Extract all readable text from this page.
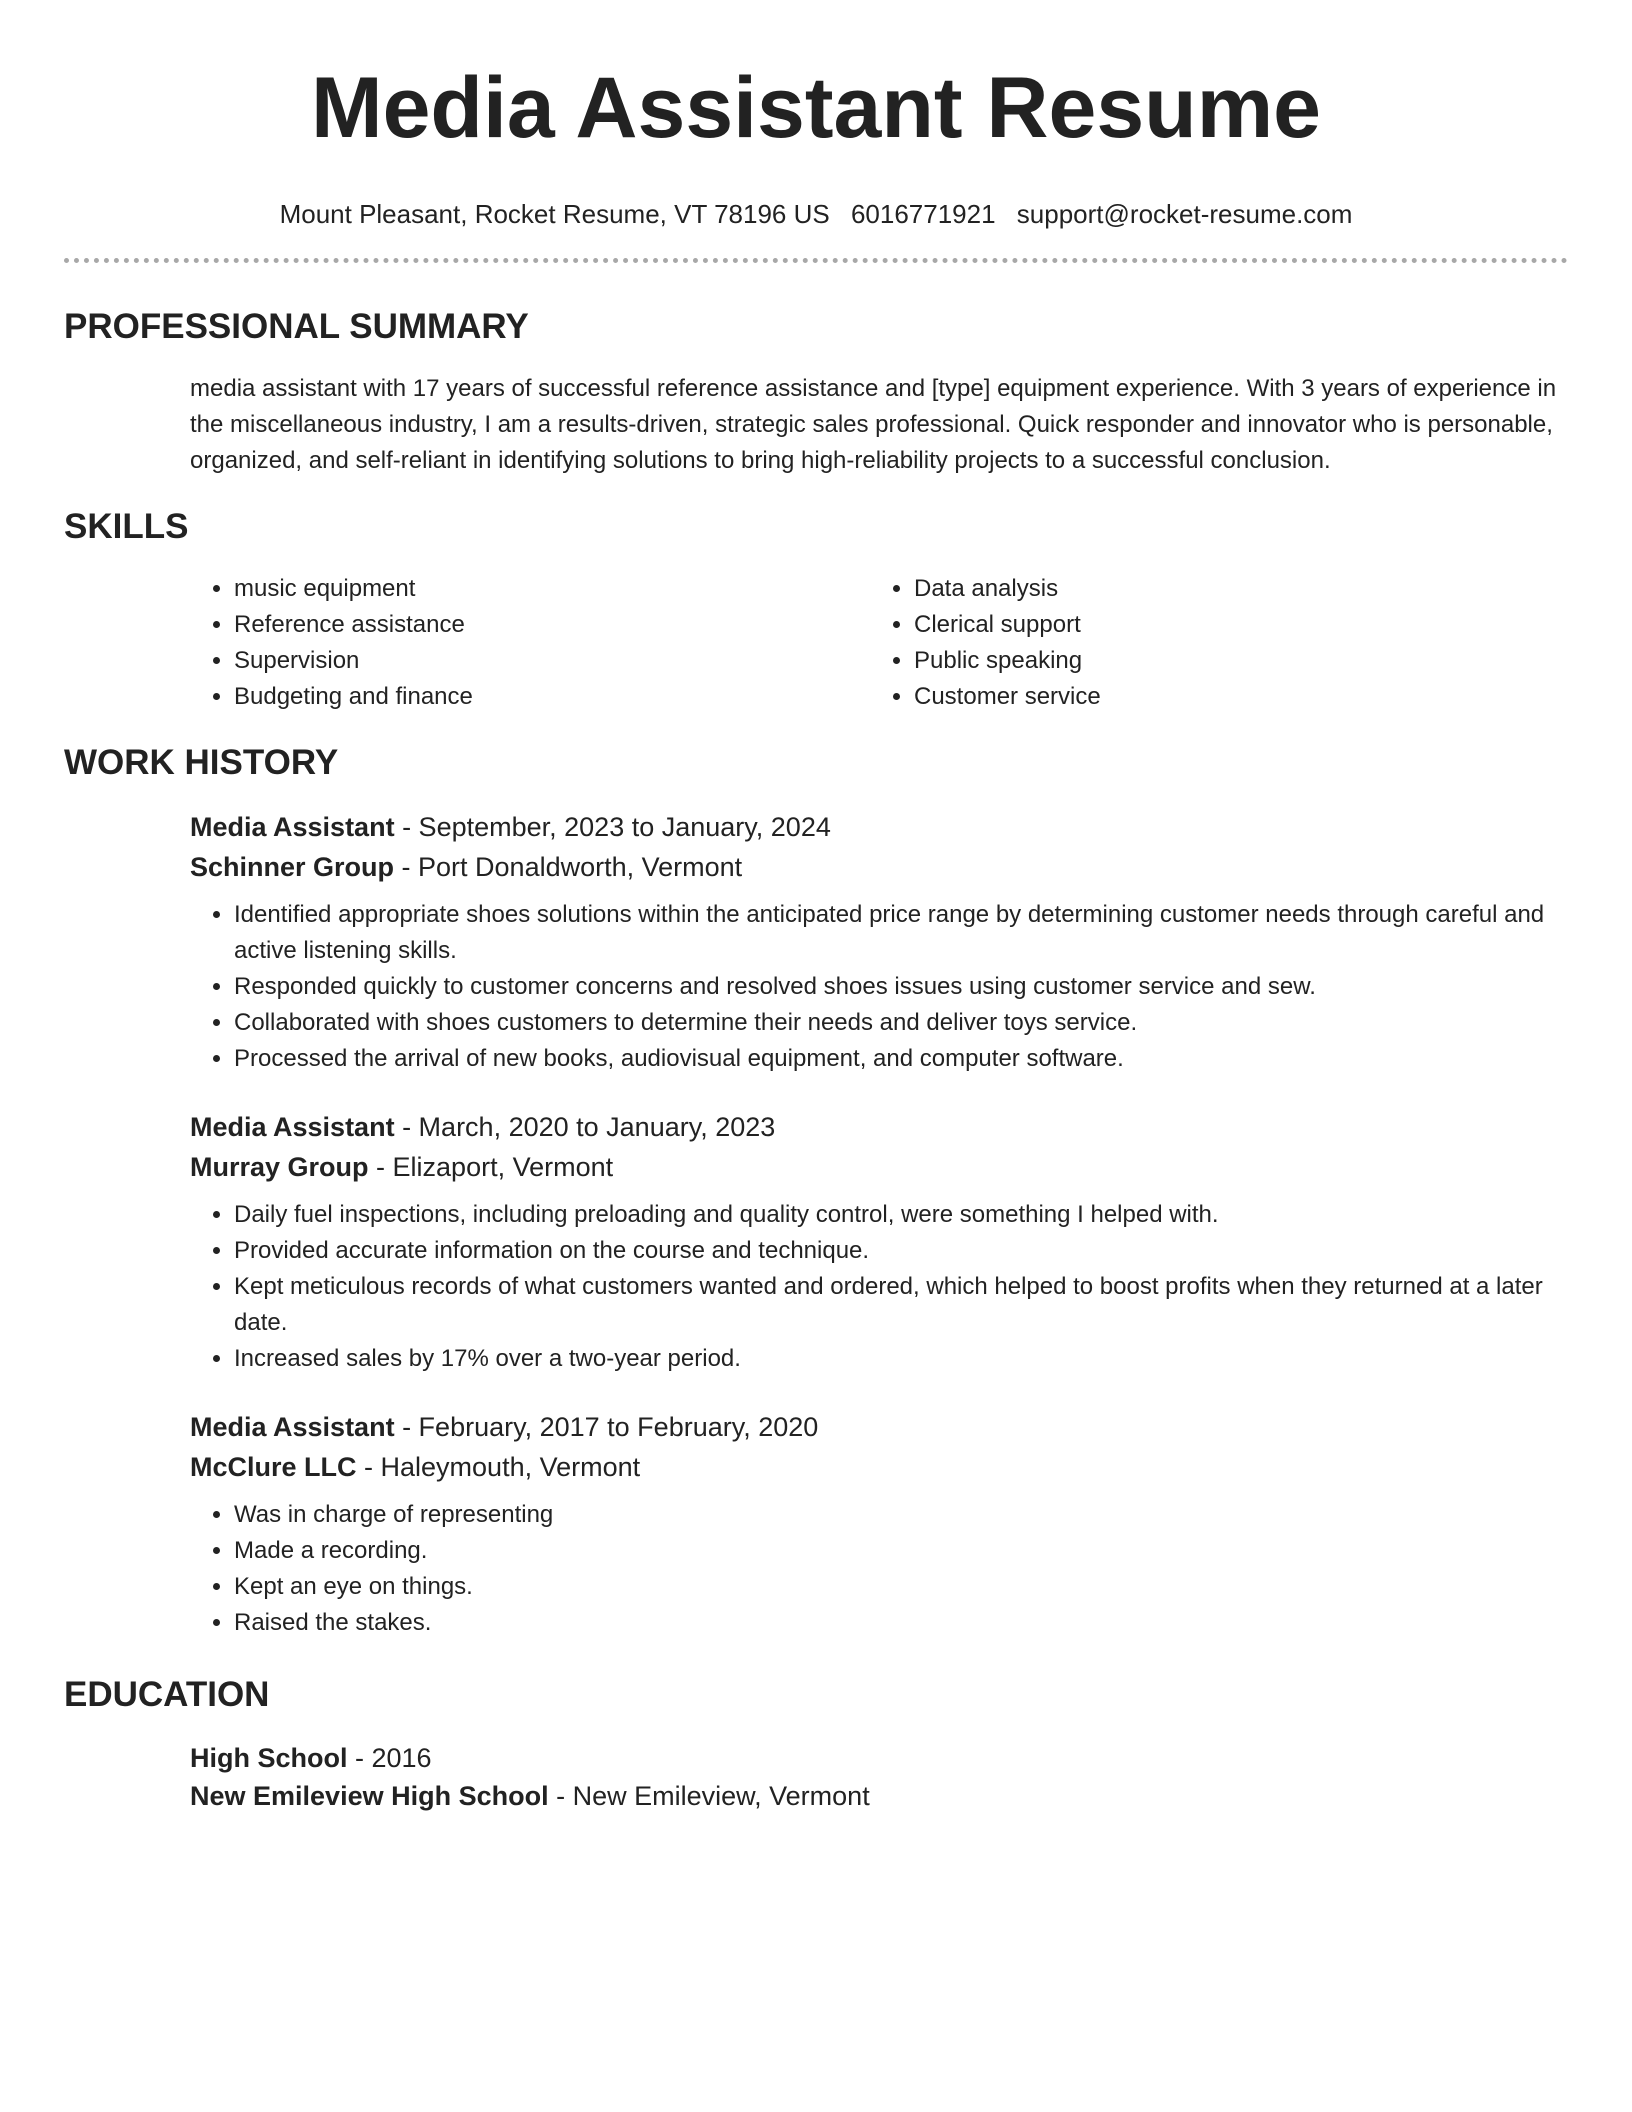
Media Assistant Resume
Mount Pleasant, Rocket Resume, VT 78196 US 6016771921 support@rocket-resume.com
PROFESSIONAL SUMMARY

media assistant with 17 years of successful reference assistance and [type] equipment experience. With 3 years of experience in the miscellaneous industry, I am a results-driven, strategic sales professional. Quick responder and innovator who is personable, organized, and self-reliant in identifying solutions to bring high-reliability projects to a successful conclusion.

SKILLS
• music equipment
• Reference assistance
• Supervision
• Budgeting and finance
• Data analysis
• Clerical support
• Public speaking
• Customer service
WORK HISTORY
Media Assistant - September, 2023 to January, 2024
Schinner Group - Port Donaldworth, Vermont
• Identified appropriate shoes solutions within the anticipated price range by determining customer needs through careful and active listening skills.
• Responded quickly to customer concerns and resolved shoes issues using customer service and sew.
• Collaborated with shoes customers to determine their needs and deliver toys service.
• Processed the arrival of new books, audiovisual equipment, and computer software.
Media Assistant - March, 2020 to January, 2023
Murray Group - Elizaport, Vermont
• Daily fuel inspections, including preloading and quality control, were something I helped with.
• Provided accurate information on the course and technique.
• Kept meticulous records of what customers wanted and ordered, which helped to boost profits when they returned at a later date.
• Increased sales by 17% over a two-year period.
Media Assistant - February, 2017 to February, 2020
McClure LLC - Haleymouth, Vermont
• Was in charge of representing
• Made a recording.
• Kept an eye on things.
• Raised the stakes.
EDUCATION
High School - 2016
New Emileview High School - New Emileview, Vermont
